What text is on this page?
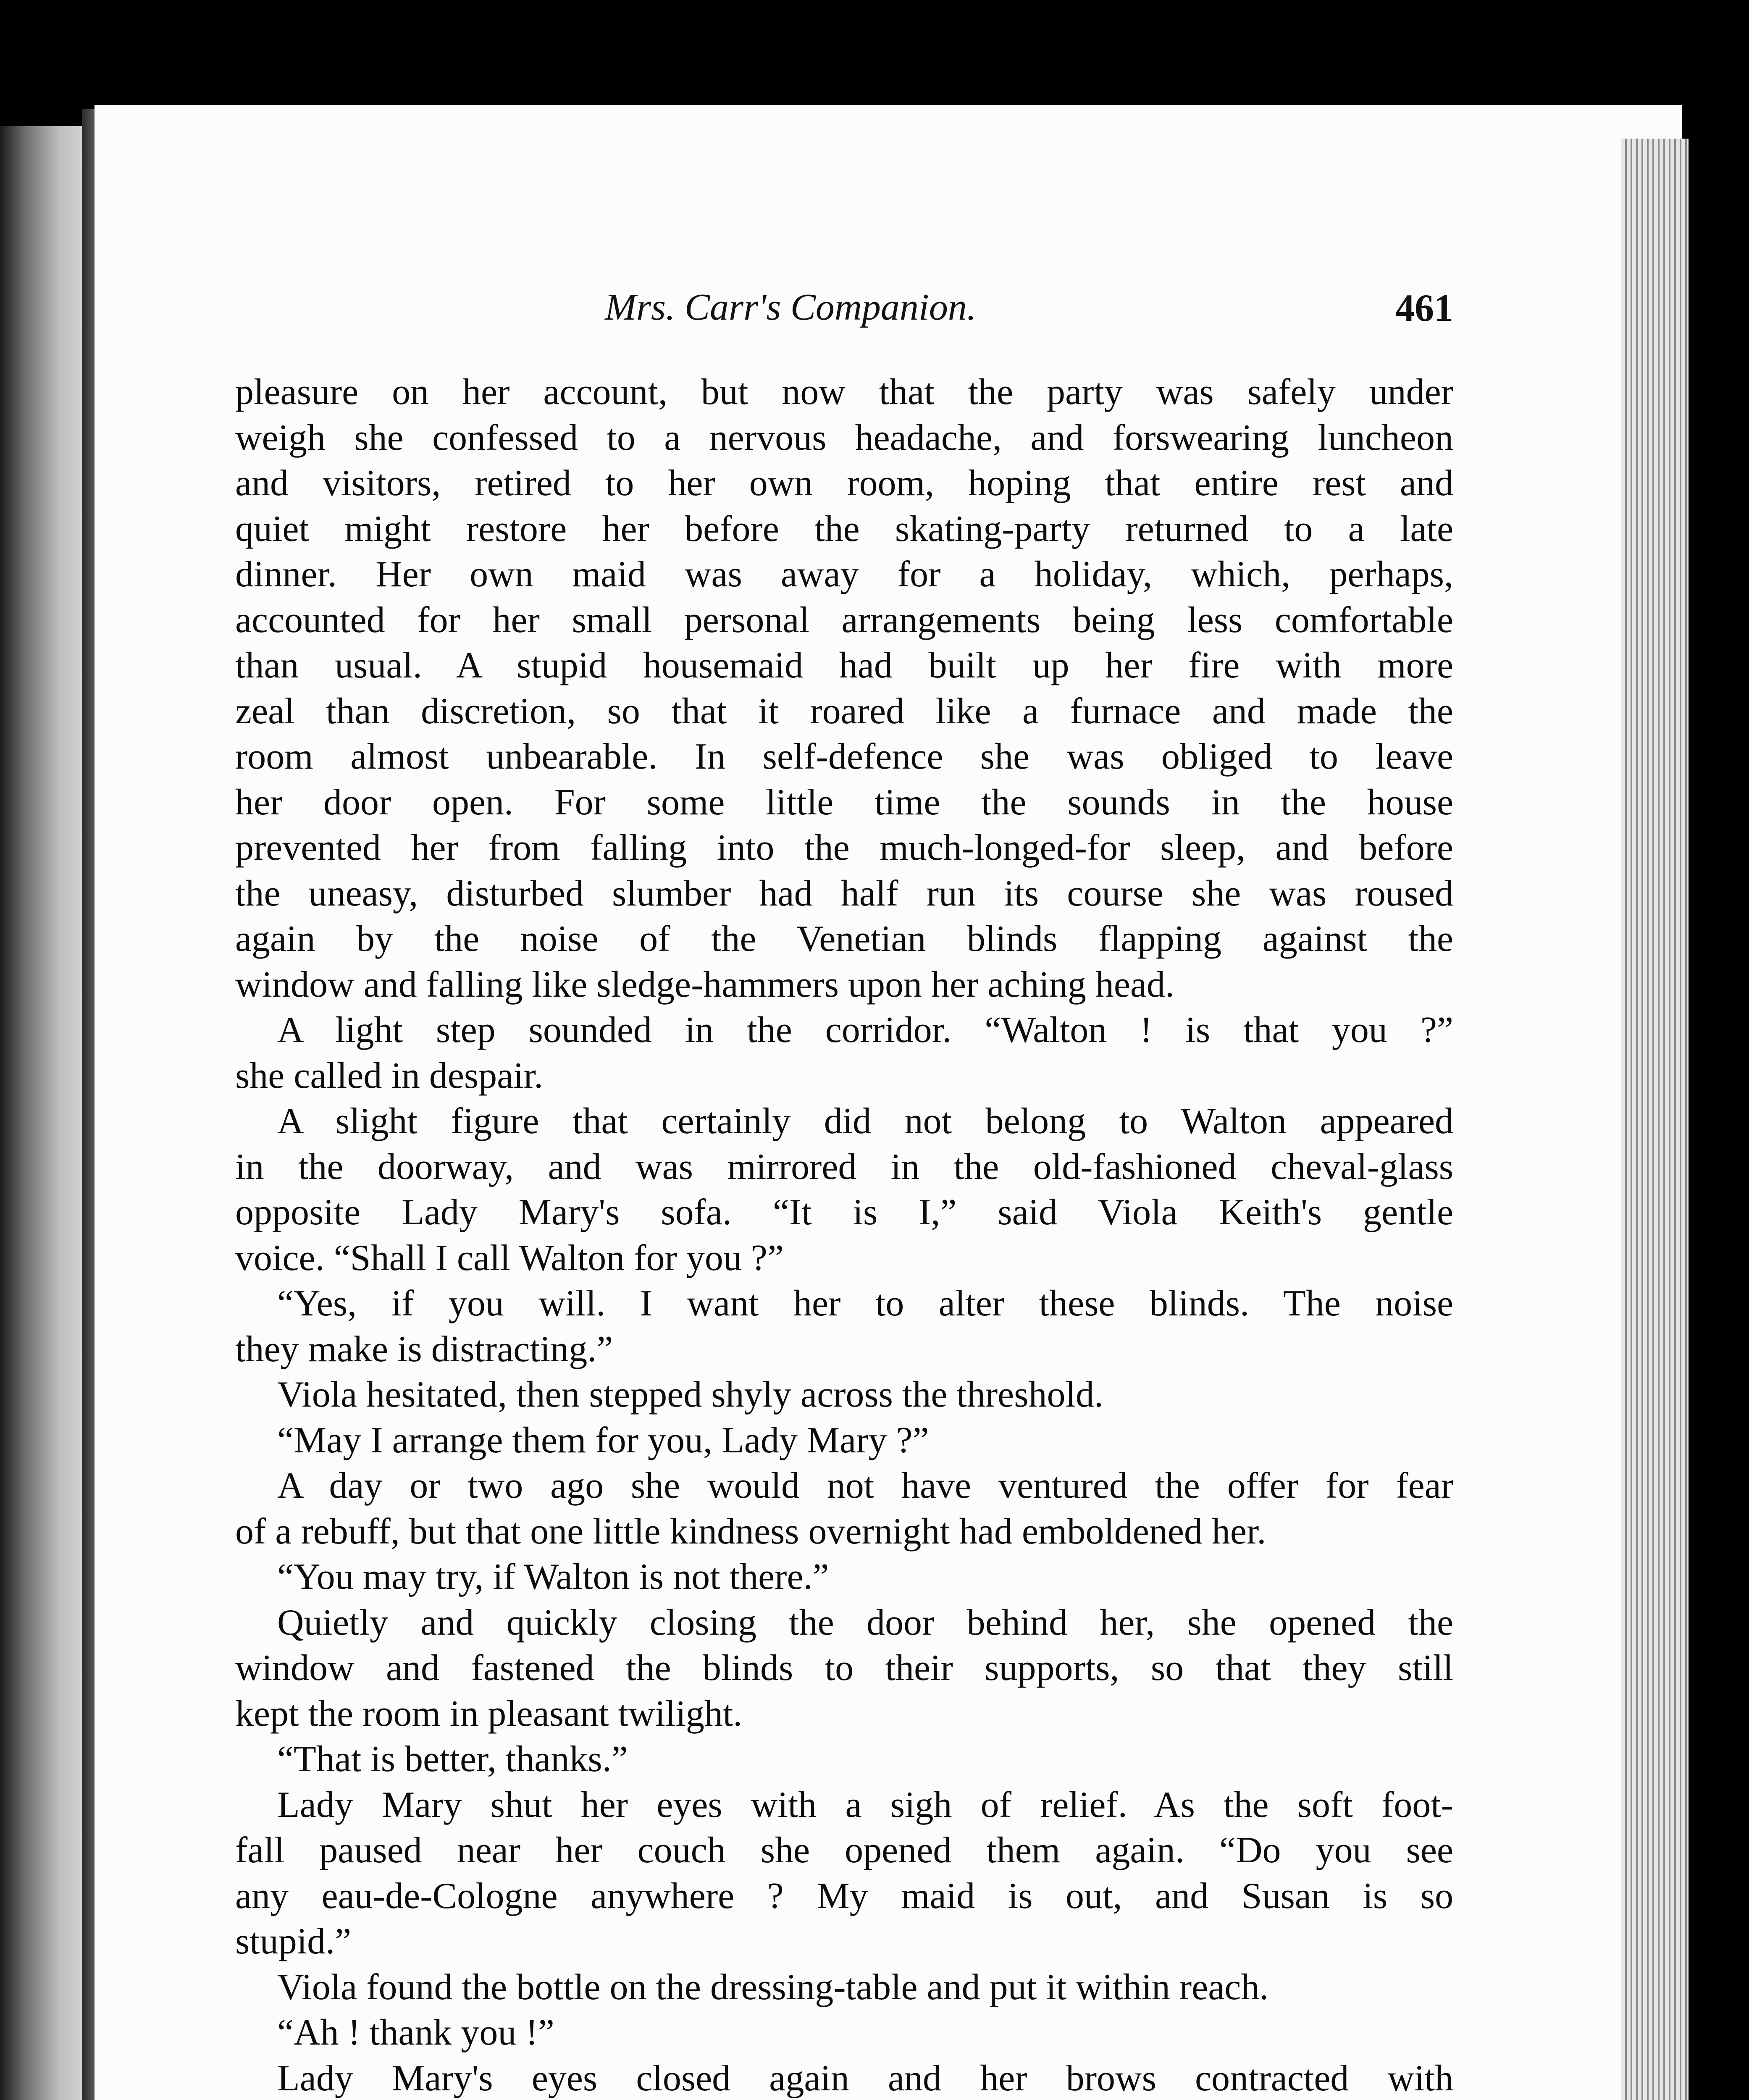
Mrs. Carr's Companion.	461
pleasure on her account, but now that the party was safely under
weigh she confessed to a nervous headache, and forswearing luncheon
and visitors, retired to her own room, hoping that entire rest and
quiet might restore her before the skating-party returned to a late
dinner. Her own maid was away for a holiday, which, perhaps,
accounted for her small personal arrangements being less comfortable
than usual. A stupid housemaid had built up her fire with more
zeal than discretion, so that it roared like a furnace and made the
room almost unbearable. In self-defence she was obliged to leave
her door open. For some little time the sounds in the house
prevented her from falling into the much-longed-for sleep, and before
the uneasy, disturbed slumber had half run its course she was roused
again by the noise of the Venetian blinds flapping against the
window and falling like sledge-hammers upon her aching head.
A light step sounded in the corridor. “Walton ! is that you ?”
she called in despair.
A slight figure that certainly did not belong to Walton appeared
in the doorway, and was mirrored in the old-fashioned cheval-glass
opposite Lady Mary's sofa. “It is I,” said Viola Keith's gentle
voice. “Shall I call Walton for you ?”
“Yes, if you will. I want her to alter these blinds. The noise
they make is distracting.”
Viola hesitated, then stepped shyly across the threshold.
“May I arrange them for you, Lady Mary ?”
A day or two ago she would not have ventured the offer for fear
of a rebuff, but that one little kindness overnight had emboldened her.
“You may try, if Walton is not there.”
Quietly and quickly closing the door behind her, she opened the
window and fastened the blinds to their supports, so that they still
kept the room in pleasant twilight.
“That is better, thanks.”
Lady Mary shut her eyes with a sigh of relief. As the soft foot-
fall paused near her couch she opened them again. “Do you see
any eau-de-Cologne anywhere ? My maid is out, and Susan is so
stupid.”
Viola found the bottle on the dressing-table and put it within reach.
“Ah ! thank you !”
Lady Mary's eyes closed again and her brows contracted with
